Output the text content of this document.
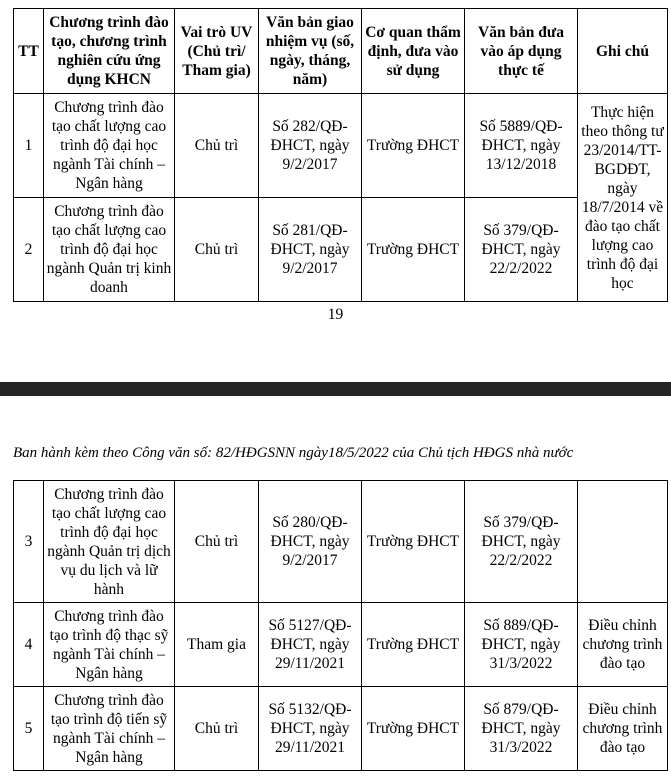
TT	Chương trình đào tạo, chương trình nghiên cứu ứng dụng KHCN	Vai trò UV (Chủ trì/ Tham gia)	Văn bản giao nhiệm vụ (số, ngày, tháng, năm)	Cơ quan thẩm định, đưa vào sử dụng	Văn bản đưa vào áp dụng thực tế	Ghi chú
1	Chương trình đào tạo chất lượng cao trình độ đại học ngành Tài chính – Ngân hàng	Chủ trì	Số 282/QĐ-ĐHCT, ngày 9/2/2017	Trường ĐHCT	Số 5889/QĐ-ĐHCT, ngày 13/12/2018	Thực hiện theo thông tư 23/2014/TT-BGDĐT, ngày 18/7/2014 về đào tạo chất lượng cao trình độ đại học
2	Chương trình đào tạo chất lượng cao trình độ đại học ngành Quản trị kinh doanh	Chủ trì	Số 281/QĐ-ĐHCT, ngày 9/2/2017	Trường ĐHCT	Số 379/QĐ-ĐHCT, ngày 22/2/2022	
19
Ban hành kèm theo Công văn số: 82/HĐGSNN ngày18/5/2022 của Chủ tịch HĐGS nhà nước
3	Chương trình đào tạo chất lượng cao trình độ đại học ngành Quản trị dịch vụ du lịch và lữ hành	Chủ trì	Số 280/QĐ-ĐHCT, ngày 9/2/2017	Trường ĐHCT	Số 379/QĐ-ĐHCT, ngày 22/2/2022	
4	Chương trình đào tạo trình độ thạc sỹ ngành Tài chính – Ngân hàng	Tham gia	Số 5127/QĐ-ĐHCT, ngày 29/11/2021	Trường ĐHCT	Số 889/QĐ-ĐHCT, ngày 31/3/2022	Điều chỉnh chương trình đào tạo
5	Chương trình đào tạo trình độ tiến sỹ ngành Tài chính – Ngân hàng	Chủ trì	Số 5132/QĐ-ĐHCT, ngày 29/11/2021	Trường ĐHCT	Số 879/QĐ-ĐHCT, ngày 31/3/2022	Điều chỉnh chương trình đào tạo
